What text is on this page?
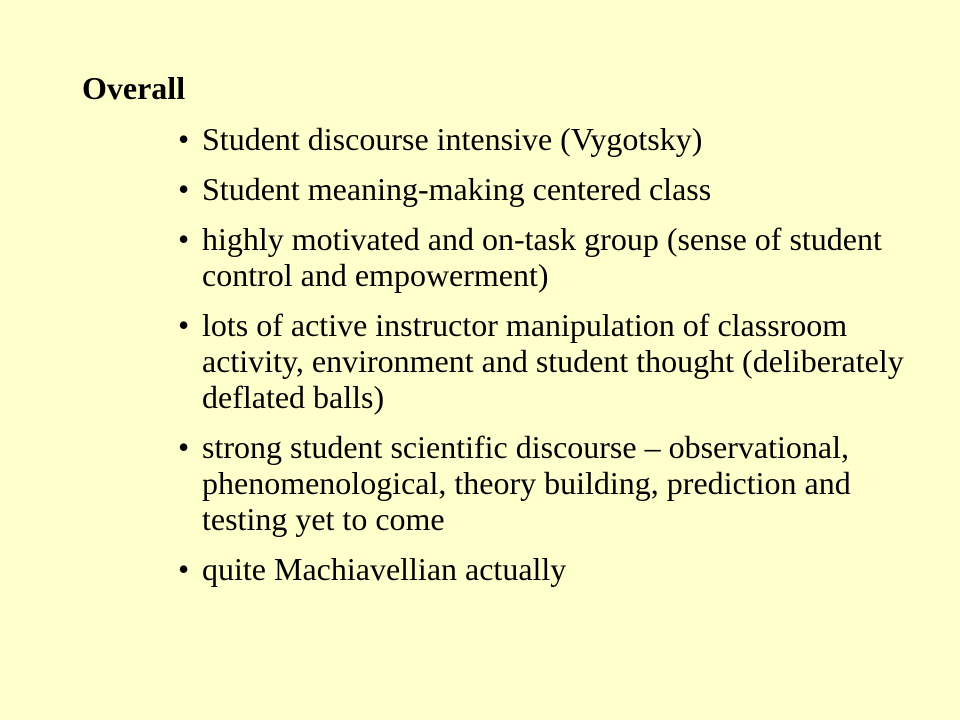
Overall
• Student discourse intensive (Vygotsky)
• Student meaning-making centered class
• highly motivated and on-task group (sense of student control and empowerment)
• lots of active instructor manipulation of classroom activity, environment and student thought (deliberately deflated balls)
• strong student scientific discourse – observational, phenomenological, theory building, prediction and testing yet to come
• quite Machiavellian actually
